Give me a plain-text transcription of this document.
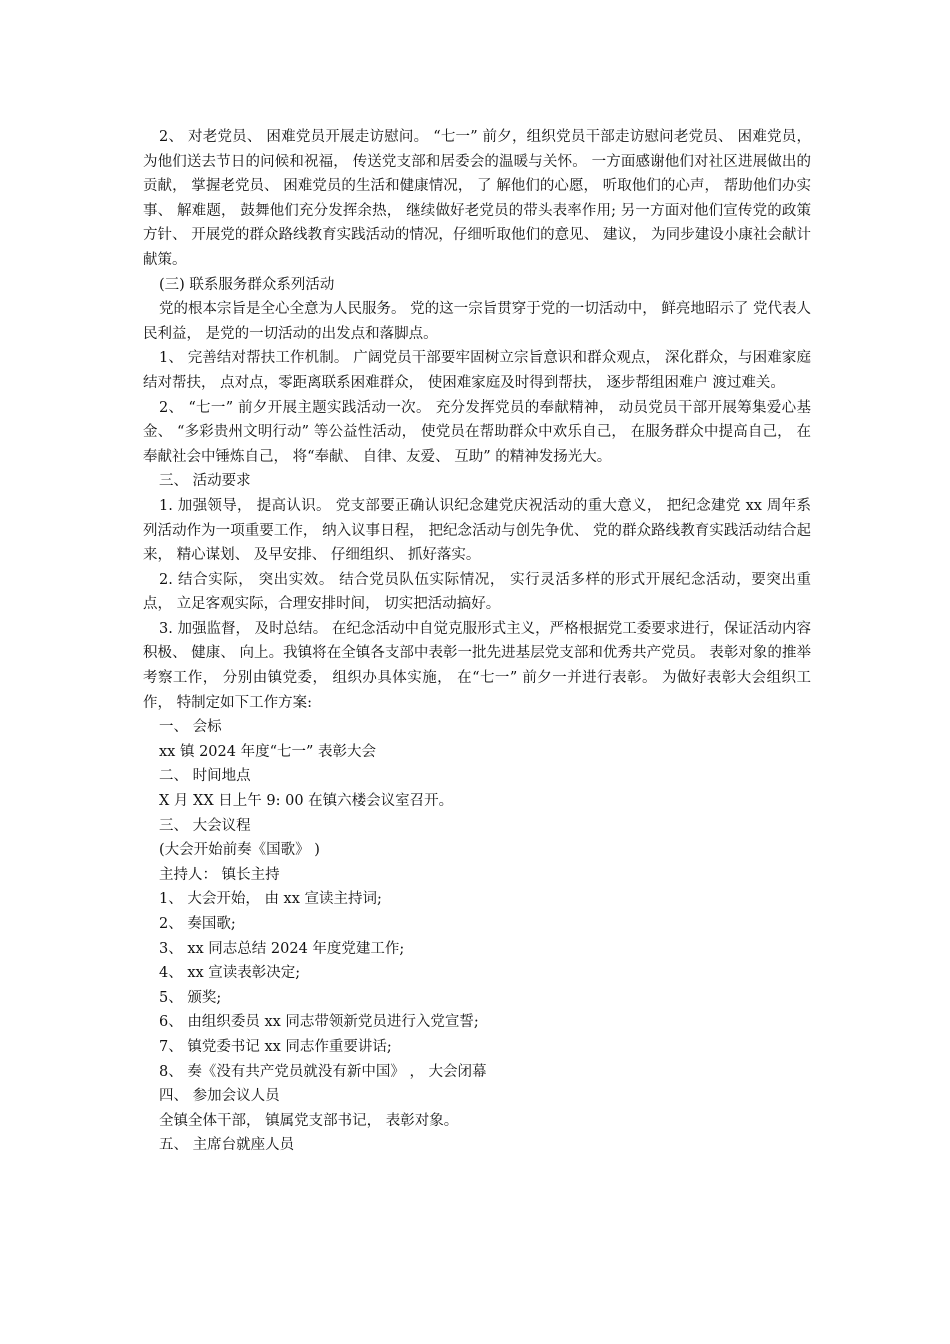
2、 对老党员、 困难党员开展走访慰问。 “七一” 前夕，组织党员干部走访慰问老党员、 困难党员， 为他们送去节日的问候和祝福， 传送党支部和居委会的温暖与关怀。 一方面感谢他们对社区进展做出的贡献， 掌握老党员、 困难党员的生活和健康情况， 了 解他们的心愿， 听取他们的心声， 帮助他们办实事、 解难题， 鼓舞他们充分发挥余热， 继续做好老党员的带头表率作用; 另一方面对他们宣传党的政策方针、 开展党的群众路线教育实践活动的情况，仔细听取他们的意见、 建议， 为同步建设小康社会献计献策。

(三) 联系服务群众系列活动

党的根本宗旨是全心全意为人民服务。 党的这一宗旨贯穿于党的一切活动中， 鲜亮地昭示了 党代表人民利益， 是党的一切活动的出发点和落脚点。

1、 完善结对帮扶工作机制。 广阔党员干部要牢固树立宗旨意识和群众观点， 深化群众，与困难家庭结对帮扶， 点对点，零距离联系困难群众， 使困难家庭及时得到帮扶， 逐步帮组困难户 渡过难关。

2、 “七一” 前夕开展主题实践活动一次。 充分发挥党员的奉献精神， 动员党员干部开展筹集爱心基金、 “多彩贵州文明行动” 等公益性活动， 使党员在帮助群众中欢乐自己， 在服务群众中提高自己， 在奉献社会中锤炼自己， 将“奉献、 自律、友爱、 互助” 的精神发扬光大。

三、 活动要求

1. 加强领导， 提高认识。 党支部要正确认识纪念建党庆祝活动的重大意义， 把纪念建党 xx 周年系列活动作为一项重要工作， 纳入议事日程， 把纪念活动与创先争优、 党的群众路线教育实践活动结合起来， 精心谋划、 及早安排、 仔细组织、 抓好落实。

2. 结合实际， 突出实效。 结合党员队伍实际情况， 实行灵活多样的形式开展纪念活动，要突出重点， 立足客观实际，合理安排时间， 切实把活动搞好。

3. 加强监督， 及时总结。 在纪念活动中自觉克服形式主义，严格根据党工委要求进行，保证活动内容积极、 健康、 向上。我镇将在全镇各支部中表彰一批先进基层党支部和优秀共产党员。 表彰对象的推举考察工作， 分别由镇党委， 组织办具体实施， 在“七一” 前夕一并进行表彰。 为做好表彰大会组织工作， 特制定如下工作方案:

一、 会标

xx 镇 2024 年度“七一” 表彰大会

二、 时间地点

X 月 XX 日上午 9: 00 在镇六楼会议室召开。

三、 大会议程

(大会开始前奏《国歌》 )

主持人： 镇长主持

1、 大会开始， 由 xx 宣读主持词;

2、 奏国歌;

3、 xx 同志总结 2024 年度党建工作;

4、 xx 宣读表彰决定;

5、 颁奖;

6、 由组织委员 xx 同志带领新党员进行入党宣誓;

7、 镇党委书记 xx 同志作重要讲话;

8、 奏《没有共产党员就没有新中国》 ， 大会闭幕

四、 参加会议人员

全镇全体干部， 镇属党支部书记， 表彰对象。

五、 主席台就座人员
